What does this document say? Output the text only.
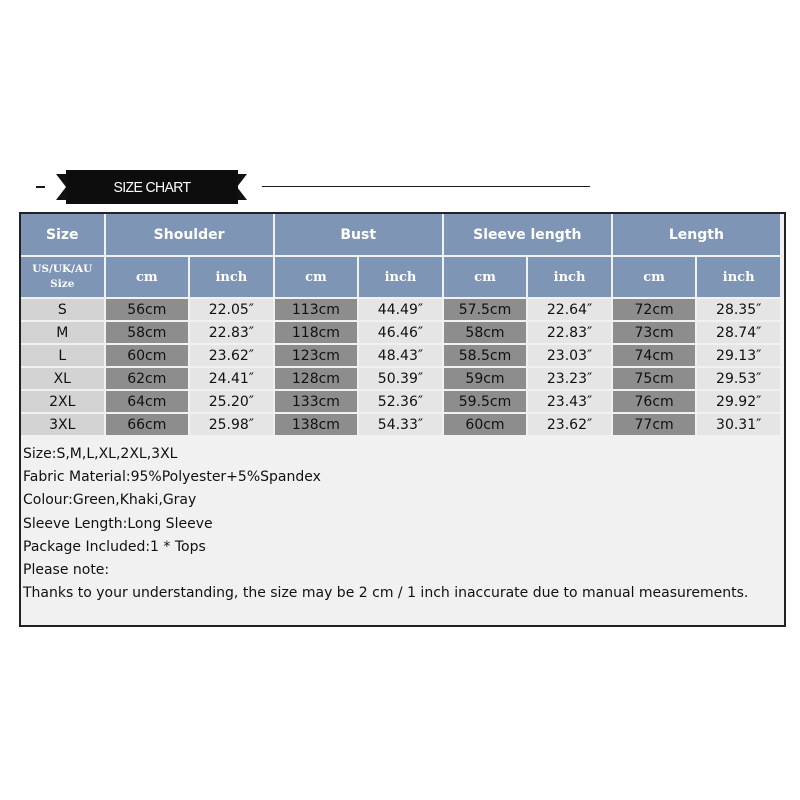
SIZE CHART
Size	Shoulder		Bust		Sleeve length		Length	

US/UK/AU
Size	cm	inch	cm	inch	cm	inch	cm	inch
S	56cm	22.05″	113cm	44.49″	57.5cm	22.64″	72cm	28.35″
M	58cm	22.83″	118cm	46.46″	58cm	22.83″	73cm	28.74″
L	60cm	23.62″	123cm	48.43″	58.5cm	23.03″	74cm	29.13″
XL	62cm	24.41″	128cm	50.39″	59cm	23.23″	75cm	29.53″
2XL	64cm	25.20″	133cm	52.36″	59.5cm	23.43″	76cm	29.92″
3XL	66cm	25.98″	138cm	54.33″	60cm	23.62″	77cm	30.31″
Size:S,M,L,XL,2XL,3XL
Fabric Material:95%Polyester+5%Spandex
Colour:Green,Khaki,Gray
Sleeve Length:Long Sleeve
Package Included:1 * Tops
Please note:
Thanks to your understanding, the size may be 2 cm / 1 inch inaccurate due to manual measurements.
